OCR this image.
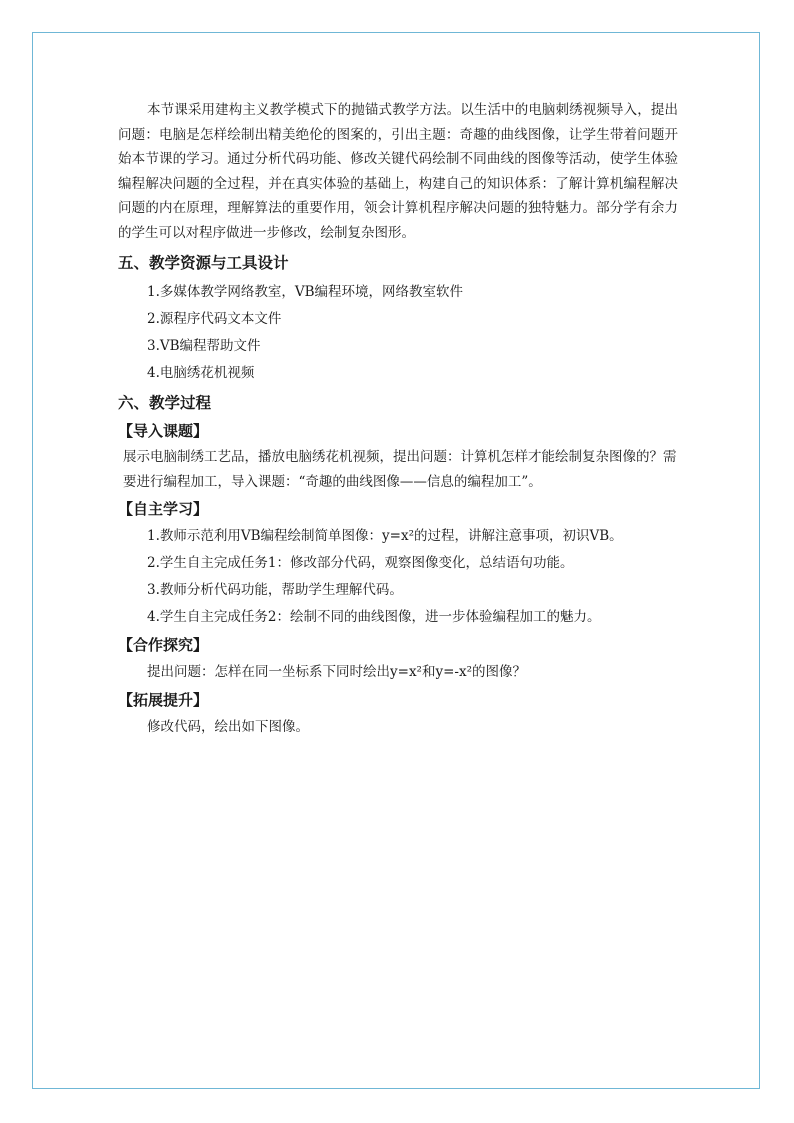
本节课采用建构主义教学模式下的抛锚式教学方法。以生活中的电脑刺绣视频导入，提出问题：电脑是怎样绘制出精美绝伦的图案的，引出主题：奇趣的曲线图像，让学生带着问题开始本节课的学习。通过分析代码功能、修改关键代码绘制不同曲线的图像等活动，使学生体验编程解决问题的全过程，并在真实体验的基础上，构建自己的知识体系：了解计算机编程解决问题的内在原理，理解算法的重要作用，领会计算机程序解决问题的独特魅力。部分学有余力的学生可以对程序做进一步修改，绘制复杂图形。

五、教学资源与工具设计

1.多媒体教学网络教室，VB编程环境，网络教室软件

2.源程序代码文本文件

3.VB编程帮助文件

4.电脑绣花机视频

六、教学过程
【导入课题】

展示电脑制绣工艺品，播放电脑绣花机视频，提出问题：计算机怎样才能绘制复杂图像的？需要进行编程加工，导入课题：“奇趣的曲线图像——信息的编程加工”。

【自主学习】

1.教师示范利用VB编程绘制简单图像：y=x²的过程，讲解注意事项，初识VB。

2.学生自主完成任务1：修改部分代码，观察图像变化，总结语句功能。

3.教师分析代码功能，帮助学生理解代码。

4.学生自主完成任务2：绘制不同的曲线图像，进一步体验编程加工的魅力。

【合作探究】

提出问题：怎样在同一坐标系下同时绘出y=x²和y=-x²的图像？

【拓展提升】

修改代码，绘出如下图像。
